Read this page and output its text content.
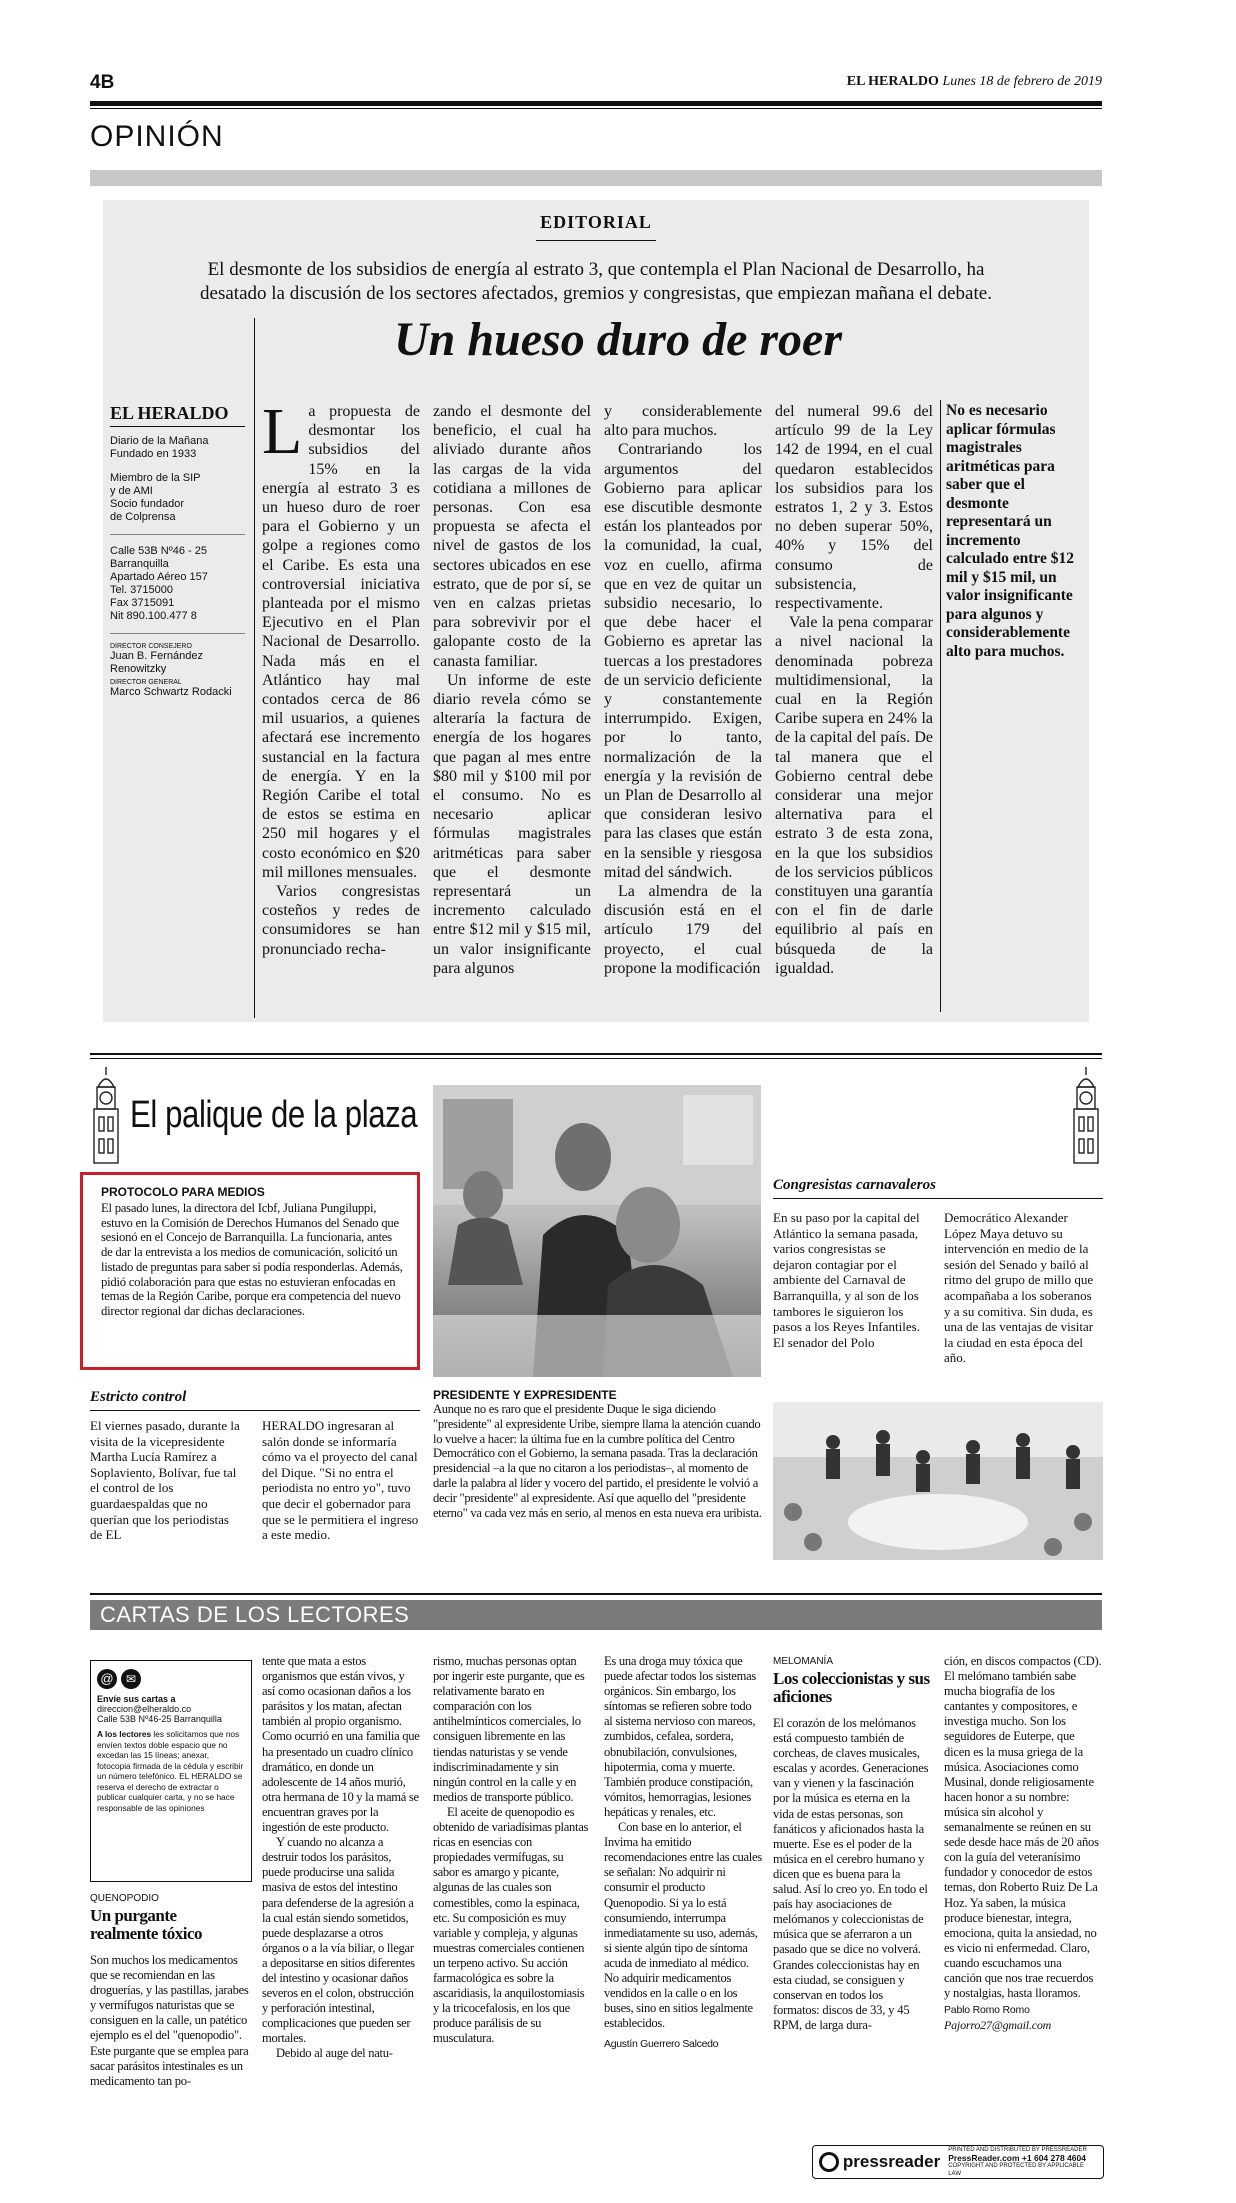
4B	EL HERALDO Lunes 18 de febrero de 2019
OPINIÓN
EDITORIAL
El desmonte de los subsidios de energía al estrato 3, que contempla el Plan Nacional de Desarrollo, ha desatado la discusión de los sectores afectados, gremios y congresistas, que empiezan mañana el debate.
Un hueso duro de roer
EL HERALDO
Diario de la Mañana
Fundado en 1933
Miembro de la SIP
y de AMI
Socio fundador
de Colprensa
Calle 53B Nº46 - 25
Barranquilla
Apartado Aéreo 157
Tel. 3715000
Fax 3715091
Nit 890.100.477 8
DIRECTOR CONSEJERO
Juan B. Fernández Renowitzky
DIRECTOR GENERAL
Marco Schwartz Rodacki
L a propuesta de desmontar los subsidios del 15% en la energía al estrato 3 es un hueso duro de roer para el Gobierno y un golpe a regiones como el Caribe. Es esta una controversial iniciativa planteada por el mismo Ejecutivo en el Plan Nacional de Desarrollo. Nada más en el Atlántico hay mal contados cerca de 86 mil usuarios, a quienes afectará ese incremento sustancial en la factura de energía. Y en la Región Caribe el total de estos se estima en 250 mil hogares y el costo económico en $20 mil millones mensuales.

Varios congresistas costeños y redes de consumidores se han pronunciado recha-

zando el desmonte del beneficio, el cual ha aliviado durante años las cargas de la vida cotidiana a millones de personas. Con esa propuesta se afecta el nivel de gastos de los sectores ubicados en ese estrato, que de por sí, se ven en calzas prietas para sobrevivir por el galopante costo de la canasta familiar.

Un informe de este diario revela cómo se alteraría la factura de energía de los hogares que pagan al mes entre $80 mil y $100 mil por el consumo. No es necesario aplicar fórmulas magistrales aritméticas para saber que el desmonte representará un incremento calculado entre $12 mil y $15 mil, un valor insignificante para algunos

y considerablemente alto para muchos.

Contrariando los argumentos del Gobierno para aplicar ese discutible desmonte están los planteados por la comunidad, la cual, voz en cuello, afirma que en vez de quitar un subsidio necesario, lo que debe hacer el Gobierno es apretar las tuercas a los prestadores de un servicio deficiente y constantemente interrumpido. Exigen, por lo tanto, normalización de la energía y la revisión de un Plan de Desarrollo al que consideran lesivo para las clases que están en la sensible y riesgosa mitad del sándwich.

La almendra de la discusión está en el artículo 179 del proyecto, el cual propone la modificación

del numeral 99.6 del artículo 99 de la Ley 142 de 1994, en el cual quedaron establecidos los subsidios para los estratos 1, 2 y 3. Estos no deben superar 50%, 40% y 15% del consumo de subsistencia, respectivamente.

Vale la pena comparar a nivel nacional la denominada pobreza multidimensional, la cual en la Región Caribe supera en 24% la de la capital del país. De tal manera que el Gobierno central debe considerar una mejor alternativa para el estrato 3 de esta zona, en la que los subsidios de los servicios públicos constituyen una garantía con el fin de darle equilibrio al país en búsqueda de la igualdad.

No es necesario aplicar fórmulas magistrales aritméticas para saber que el desmonte representará un incremento calculado entre $12 mil y $15 mil, un valor insignificante para algunos y considerablemente alto para muchos.
El palique de la plaza
PROTOCOLO PARA MEDIOS
El pasado lunes, la directora del Icbf, Juliana Pungiluppi, estuvo en la Comisión de Derechos Humanos del Senado que sesionó en el Concejo de Barranquilla. La funcionaria, antes de dar la entrevista a los medios de comunicación, solicitó un listado de preguntas para saber si podía responderlas. Además, pidió colaboración para que estas no estuvieran enfocadas en temas de la Región Caribe, porque era competencia del nuevo director regional dar dichas declaraciones.
Congresistas carnavaleros
En su paso por la capital del Atlántico la semana pasada, varios congresistas se dejaron contagiar por el ambiente del Carnaval de Barranquilla, y al son de los tambores le siguieron los pasos a los Reyes Infantiles. El senador del Polo
Democrático Alexander López Maya detuvo su intervención en medio de la sesión del Senado y bailó al ritmo del grupo de millo que acompañaba a los soberanos y a su comitiva. Sin duda, es una de las ventajas de visitar la ciudad en esta época del año.
Estricto control
El viernes pasado, durante la visita de la vicepresidente Martha Lucía Ramírez a Soplaviento, Bolívar, fue tal el control de los guardaespaldas que no querían que los periodistas de EL
HERALDO ingresaran al salón donde se informaría cómo va el proyecto del canal del Dique. "Si no entra el periodista no entro yo", tuvo que decir el gobernador para que se le permitiera el ingreso a este medio.
PRESIDENTE Y EXPRESIDENTE
Aunque no es raro que el presidente Duque le siga diciendo "presidente" al expresidente Uribe, siempre llama la atención cuando lo vuelve a hacer: la última fue en la cumbre política del Centro Democrático con el Gobierno, la semana pasada. Tras la declaración presidencial –a la que no citaron a los periodistas–, al momento de darle la palabra al líder y vocero del partido, el presidente le volvió a decir "presidente" al expresidente. Así que aquello del "presidente eterno" va cada vez más en serio, al menos en esta nueva era uribista.
CARTAS DE LOS LECTORES
@	✉
Envíe sus cartas a
direccion@elheraldo.co
Calle 53B Nº46-25 Barranquilla
A los lectores les solicitamos que nos envíen textos doble espacio que no excedan las 15 líneas; anexar, fotocopia firmada de la cédula y escribir un número telefónico. EL HERALDO se reserva el derecho de extractar o publicar cualquier carta, y no se hace responsable de las opiniones
QUENOPODIO
Un purgante realmente tóxico
Son muchos los medicamentos que se recomiendan en las droguerías, y las pastillas, jarabes y vermífugos naturistas que se consiguen en la calle, un patético ejemplo es el del "quenopodio". Este purgante que se emplea para sacar parásitos intestinales es un medicamento tan po-

tente que mata a estos organismos que están vivos, y así como ocasionan daños a los parásitos y los matan, afectan también al propio organismo. Como ocurrió en una familia que ha presentado un cuadro clínico dramático, en donde un adolescente de 14 años murió, otra hermana de 10 y la mamá se encuentran graves por la ingestión de este producto.

Y cuando no alcanza a destruir todos los parásitos, puede producirse una salida masiva de estos del intestino para defenderse de la agresión a la cual están siendo sometidos, puede desplazarse a otros órganos o a la vía biliar, o llegar a depositarse en sitios diferentes del intestino y ocasionar daños severos en el colon, obstrucción y perforación intestinal, complicaciones que pueden ser mortales.

Debido al auge del natu-

rismo, muchas personas optan por ingerir este purgante, que es relativamente barato en comparación con los antihelmínticos comerciales, lo consiguen libremente en las tiendas naturistas y se vende indiscriminadamente y sin ningún control en la calle y en medios de transporte público.

El aceite de quenopodio es obtenido de variadísimas plantas ricas en esencias con propiedades vermífugas, su sabor es amargo y picante, algunas de las cuales son comestibles, como la espinaca, etc. Su composición es muy variable y compleja, y algunas muestras comerciales contienen un terpeno activo. Su acción farmacológica es sobre la ascaridiasis, la anquilostomiasis y la tricocefalosis, en los que produce parálisis de su musculatura.

Es una droga muy tóxica que puede afectar todos los sistemas orgánicos. Sin embargo, los síntomas se refieren sobre todo al sistema nervioso con mareos, zumbidos, cefalea, sordera, obnubilación, convulsiones, hipotermia, coma y muerte. También produce constipación, vómitos, hemorragias, lesiones hepáticas y renales, etc.

Con base en lo anterior, el Invima ha emitido recomendaciones entre las cuales se señalan: No adquirir ni consumir el producto Quenopodio. Si ya lo está consumiendo, interrumpa inmediatamente su uso, además, si siente algún tipo de síntoma acuda de inmediato al médico. No adquirir medicamentos vendidos en la calle o en los buses, sino en sitios legalmente establecidos.

Agustín Guerrero Salcedo

MELOMANÍA
Los coleccionistas y sus aficiones
El corazón de los melómanos está compuesto también de corcheas, de claves musicales, escalas y acordes. Generaciones van y vienen y la fascinación por la música es eterna en la vida de estas personas, son fanáticos y aficionados hasta la muerte. Ese es el poder de la música en el cerebro humano y dicen que es buena para la salud. Así lo creo yo. En todo el país hay asociaciones de melómanos y coleccionistas de música que se aferraron a un pasado que se dice no volverá. Grandes coleccionistas hay en esta ciudad, se consiguen y conservan en todos los formatos: discos de 33, y 45 RPM, de larga dura-

ción, en discos compactos (CD). El melómano también sabe mucha biografía de los cantantes y compositores, e investiga mucho. Son los seguidores de Euterpe, que dicen es la musa griega de la música. Asociaciones como Musinal, donde religiosamente hacen honor a su nombre: música sin alcohol y semanalmente se reúnen en su sede desde hace más de 20 años con la guía del veteranísimo fundador y conocedor de estos temas, don Roberto Ruiz De La Hoz. Ya saben, la música produce bienestar, integra, emociona, quita la ansiedad, no es vicio ni enfermedad. Claro, cuando escuchamos una canción que nos trae recuerdos y nostalgias, hasta lloramos.

Pablo Romo Romo

Pajorro27@gmail.com

pressreader
PRINTED AND DISTRIBUTED BY PRESSREADER
PressReader.com +1 604 278 4604
COPYRIGHT AND PROTECTED BY APPLICABLE LAW
